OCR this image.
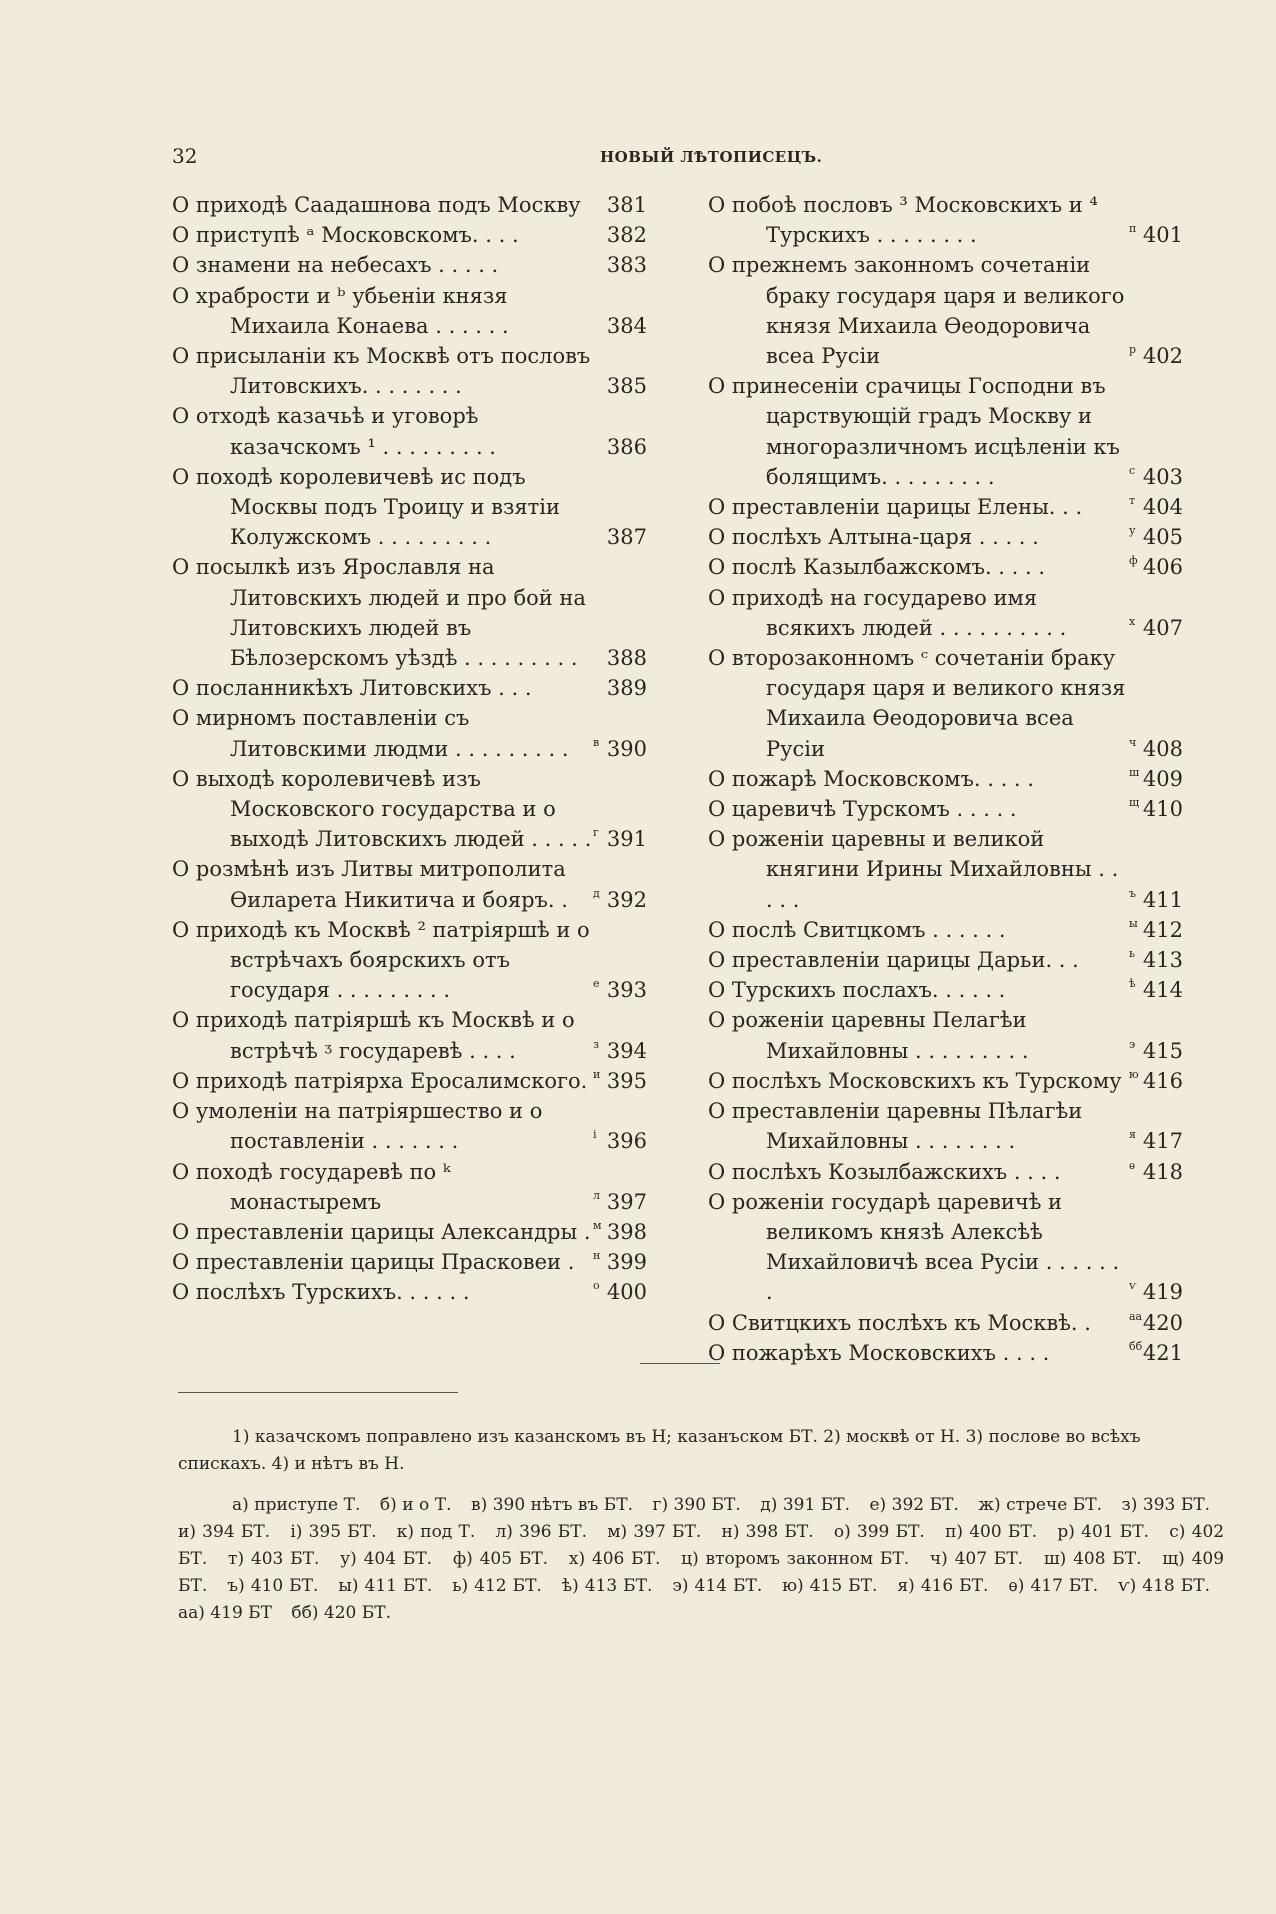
32	НОВЫЙ ЛѢТОПИСЕЦЪ.
О приходѣ Саадашнова подъ Москву	381
О приступѣ ᵃ Московскомъ. . . .	382
О знамени на небесахъ . . . . .	383
О храбрости и ᵇ убьенiи князя Михаила Конаева . . . . . .	384
О присыланiи къ Москвѣ отъ пословъ Литовскихъ. . . . . . . .	385
О отходѣ казачьѣ и уговорѣ казачскомъ ¹ . . . . . . . . .	386
О походѣ королевичевѣ ис подъ Москвы подъ Троицу и взятiи Колужскомъ . . . . . . . . .	387
О посылкѣ изъ Ярославля на Литовскихъ людей и про бой на Литовскихъ людей въ Бѣлозерскомъ уѣздѣ . . . . . . . . .	388
О посланникѣхъ Литовскихъ . . .	389
О мирномъ поставленiи съ Литовскими людми . . . . . . . . .	390в
О выходѣ королевичевѣ изъ Московского государства и о выходѣ Литовскихъ людей . . . . . 391г
О розмѣнѣ изъ Литвы митрополита Ѳиларета Никитича и бояръ. .	392д
О приходѣ къ Москвѣ ² патрiяршѣ и о встрѣчахъ боярскихъ отъ государя . . . . . . . . .	393е
О приходѣ патрiяршѣ къ Москвѣ и о встрѣчѣ ᶾ государевѣ . . . .	394з
О приходѣ патрiярха Еросалимского. 395и
О умоленiи на патрiяршество и о поставленiи . . . . . . .	396i
О походѣ государевѣ по ᵏ монастыремъ	397л
О преставленiи царицы Александры . 398м
О преставленiи царицы Прасковеи .	399н
О послѣхъ Турскихъ. . . . . .	400о
О побоѣ пословъ ³ Московскихъ и ⁴ Турскихъ . . . . . . . .	401п
О прежнемъ законномъ сочетанiи браку государя царя и великого князя Михаила Ѳеодоровича всеа Русiи	402р
О принесенiи срачицы Господни въ царствующiй градъ Москву и многоразличномъ исцѣленiи къ болящимъ. . . . . . . . .	403с
О преставленiи царицы Елены. . .	404т
О послѣхъ Алтына-царя . . . . .	405у
О послѣ Казылбажскомъ. . . . .	406ф
О приходѣ на государево имя всякихъ людей . . . . . . . . . .	407х
О второзаконномъ ᶜ сочетанiи браку государя царя и великого князя Михаила Ѳеодоровича всеа Русiи	408ч
О пожарѣ Московскомъ. . . . .	409ш
О царевичѣ Турскомъ . . . . .	410щ
О роженiи царевны и великой княгини Ирины Михайловны . . . . .	411ъ
О послѣ Свитцкомъ . . . . . .	412ы
О преставленiи царицы Дарьи. . .	413ь
О Турскихъ послахъ. . . . . .	414ѣ
О роженiи царевны Пелагѣи Михайловны . . . . . . . . .	415э
О послѣхъ Московскихъ къ Турскому	416ю
О преставленiи царевны Пѣлагѣи Михайловны . . . . . . . .	417я
О послѣхъ Козылбажскихъ . . . .	418ѳ
О роженiи государѣ царевичѣ и великомъ князѣ Алексѣѣ Михайловичѣ всеа Русiи . . . . . . .	419ѵ
О Свитцкихъ послѣхъ къ Москвѣ. .	420аа
О пожарѣхъ Московскихъ . . . .	421бб

1) казачскомъ поправлено изъ казанскомъ въ Н; казанъском БТ. 2) москвѣ от Н. 3) послове во всѣхъ спискахъ. 4) и нѣтъ въ Н.

а) приступе Т. б) и о Т. в) 390 нѣтъ въ БТ. г) 390 БТ. д) 391 БТ. е) 392 БТ. ж) стрече БТ. з) 393 БТ. и) 394 БТ. i) 395 БТ. к) под Т. л) 396 БТ. м) 397 БТ. н) 398 БТ. о) 399 БТ. п) 400 БТ. р) 401 БТ. с) 402 БТ. т) 403 БТ. у) 404 БТ. ф) 405 БТ. х) 406 БТ. ц) второмъ законном БТ. ч) 407 БТ. ш) 408 БТ. щ) 409 БТ. ъ) 410 БТ. ы) 411 БТ. ь) 412 БТ. ѣ) 413 БТ. э) 414 БТ. ю) 415 БТ. я) 416 БТ. ѳ) 417 БТ. ѵ) 418 БТ. аа) 419 БТ бб) 420 БТ.
